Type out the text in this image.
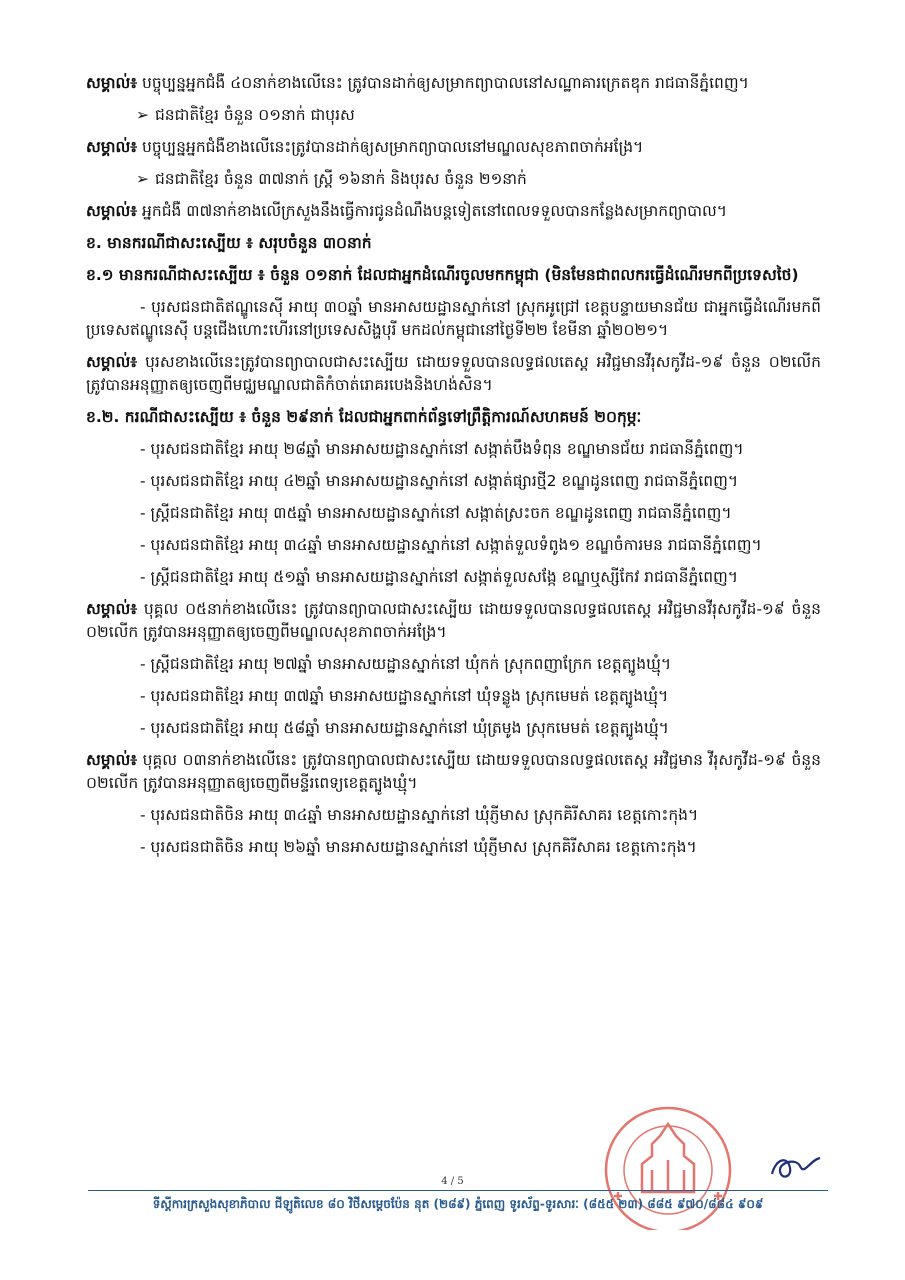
សម្គាល់៖ បច្ចុប្បន្នអ្នកជំងឺ ៤០នាក់ខាងលើនេះ ត្រូវបានដាក់ឲ្យសម្រាកព្យាបាលនៅសណ្ឋាគារក្រេតឌុក រាជធានីភ្នំពេញ។

➢ ជនជាតិខ្មែរ ចំនួន ០១នាក់ ជាបុរស

សម្គាល់៖ បច្ចុប្បន្នអ្នកជំងឺខាងលើនេះត្រូវបានដាក់ឲ្យសម្រាកព្យាបាលនៅមណ្ឌលសុខភាពចាក់អង្រែ។

➢ ជនជាតិខ្មែរ ចំនួន ៣៧នាក់ ស្ត្រី ១៦នាក់ និងបុរស ចំនួន ២១នាក់

សម្គាល់៖ អ្នកជំងឺ ៣៧នាក់ខាងលើក្រសួងនឹងធ្វើការជូនដំណឹងបន្តទៀតនៅពេលទទួលបានកន្លែងសម្រាកព្យាបាល។

ខ. មានករណីជាសះស្បើយ ៖ សរុបចំនួន ៣០នាក់

ខ.១ មានករណីជាសះស្បើយ ៖ ចំនួន ០១នាក់ ដែលជាអ្នកដំណើរចូលមកកម្ពុជា (មិនមែនជាពលករធ្វើដំណើរមកពីប្រទេសថៃ)

- បុរសជនជាតិឥណ្ឌូនេស៊ី អាយុ ៣០ឆ្នាំ មានអាសយដ្ឋានស្នាក់នៅ ស្រុកអូជ្រៅ ខេត្តបន្ទាយមានជ័យ ជាអ្នកធ្វើដំណើរមកពីប្រទេសឥណ្ឌូនេស៊ី បន្តជើងហោះហើរនៅប្រទេសសិង្ហបុរី មកដល់កម្ពុជានៅថ្ងៃទី២២ ខែមីនា ឆ្នាំ២០២១។

សម្គាល់៖ បុរសខាងលើនេះត្រូវបានព្យាបាលជាសះស្បើយ ដោយទទួលបានលទ្ធផលតេស្ត អវិជ្ជមានវីរុសកូវីដ-១៩ ចំនួន ០២លើក ត្រូវបានអនុញ្ញាតឲ្យចេញពីមជ្ឈមណ្ឌលជាតិកំចាត់រោគរបេងនិងហង់សិន។

ខ.២. ករណីជាសះស្បើយ ៖ ចំនួន ២៩នាក់ ដែលជាអ្នកពាក់ព័ន្ធទៅព្រឹត្តិការណ៍សហគមន៍ ២០កុម្ភៈ

- បុរសជនជាតិខ្មែរ អាយុ ២៨ឆ្នាំ មានអាសយដ្ឋានស្នាក់នៅ សង្កាត់បឹងទំពុន ខណ្ឌមានជ័យ រាជធានីភ្នំពេញ។

- បុរសជនជាតិខ្មែរ អាយុ ៤២ឆ្នាំ មានអាសយដ្ឋានស្នាក់នៅ សង្កាត់ផ្សារថ្មី2 ខណ្ឌដូនពេញ រាជធានីភ្នំពេញ។

- ស្ត្រីជនជាតិខ្មែរ អាយុ ៣៥ឆ្នាំ មានអាសយដ្ឋានស្នាក់នៅ សង្កាត់ស្រះចក ខណ្ឌដូនពេញ រាជធានីភ្នំពេញ។

- បុរសជនជាតិខ្មែរ អាយុ ៣៤ឆ្នាំ មានអាសយដ្ឋានស្នាក់នៅ សង្កាត់ទួលទំពូង១ ខណ្ឌចំការមន រាជធានីភ្នំពេញ។

- ស្ត្រីជនជាតិខ្មែរ អាយុ ៥១ឆ្នាំ មានអាសយដ្ឋានស្នាក់នៅ សង្កាត់ទួលសង្កែ ខណ្ឌឬស្សីកែវ រាជធានីភ្នំពេញ។

សម្គាល់៖ បុគ្គល ០៥នាក់ខាងលើនេះ ត្រូវបានព្យាបាលជាសះស្បើយ ដោយទទួលបានលទ្ធផលតេស្ត អវិជ្ជមានវីរុសកូវីដ-១៩ ចំនួន ០២លើក ត្រូវបានអនុញ្ញាតឲ្យចេញពីមណ្ឌលសុខភាពចាក់អង្រែ។

- ស្ត្រីជនជាតិខ្មែរ អាយុ ២៧ឆ្នាំ មានអាសយដ្ឋានស្នាក់នៅ ឃុំកក់ ស្រុកពញាក្រែក ខេត្តត្បូងឃ្មុំ។

- បុរសជនជាតិខ្មែរ អាយុ ៣៧ឆ្នាំ មានអាសយដ្ឋានស្នាក់នៅ ឃុំទន្លូង ស្រុកមេមត់ ខេត្តត្បូងឃ្មុំ។

- បុរសជនជាតិខ្មែរ អាយុ ៥៨ឆ្នាំ មានអាសយដ្ឋានស្នាក់នៅ ឃុំត្រមូង ស្រុកមេមត់ ខេត្តត្បូងឃ្មុំ។

សម្គាល់៖ បុគ្គល ០៣នាក់ខាងលើនេះ ត្រូវបានព្យាបាលជាសះស្បើយ ដោយទទួលបានលទ្ធផលតេស្ត អវិជ្ជមាន វីរុសកូវីដ-១៩ ចំនួន ០២លើក ត្រូវបានអនុញ្ញាតឲ្យចេញពីមន្ទីរពេទ្យខេត្តត្បូងឃ្មុំ។

- បុរសជនជាតិចិន អាយុ ៣៤ឆ្នាំ មានអាសយដ្ឋានស្នាក់នៅ ឃុំភ្ញីមាស ស្រុកគិរីសាគរ ខេត្តកោះកុង។

- បុរសជនជាតិចិន អាយុ ២៦ឆ្នាំ មានអាសយដ្ឋានស្នាក់នៅ ឃុំភ្ញីមាស ស្រុកគិរីសាគរ ខេត្តកោះកុង។

4 / 5
ទីស្តីការក្រសួងសុខាភិបាល ជីឡូតិលេខ ៨០ វិថីសម្ដេចប៉ែន នុត (២៨៩) ភ្នំពេញ ទូរស័ព្ទ-ទូរសារៈ (៨៥៥ ២៣) ៨៨៥ ៩៧០/៨៨៤ ៩០៩
